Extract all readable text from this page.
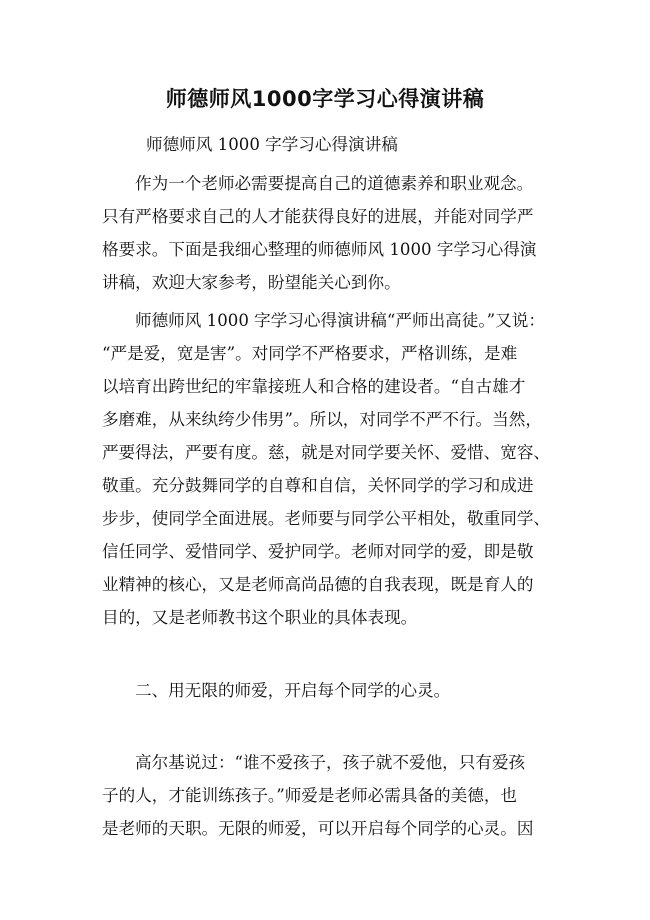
师德师风1000字学习心得演讲稿
师德师风 1000 字学习心得演讲稿
作为一个老师必需要提高自己的道德素养和职业观念。
只有严格要求自己的人才能获得良好的进展，并能对同学严
格要求。下面是我细心整理的师德师风 1000 字学习心得演
讲稿，欢迎大家参考，盼望能关心到你。
师德师风 1000 字学习心得演讲稿“严师出高徒。”又说：
“严是爱，宽是害”。对同学不严格要求，严格训练，是难
以培育出跨世纪的牢靠接班人和合格的建设者。“自古雄才
多磨难，从来纨绔少伟男”。所以，对同学不严不行。当然，
严要得法，严要有度。慈，就是对同学要关怀、爱惜、宽容、
敬重。充分鼓舞同学的自尊和自信，关怀同学的学习和成进
步步，使同学全面进展。老师要与同学公平相处，敬重同学、
信任同学、爱惜同学、爱护同学。老师对同学的爱，即是敬
业精神的核心，又是老师高尚品德的自我表现，既是育人的
目的，又是老师教书这个职业的具体表现。
二、用无限的师爱，开启每个同学的心灵。
高尔基说过：“谁不爱孩子，孩子就不爱他，只有爱孩
子的人，才能训练孩子。”师爱是老师必需具备的美德，也
是老师的天职。无限的师爱，可以开启每个同学的心灵。因
